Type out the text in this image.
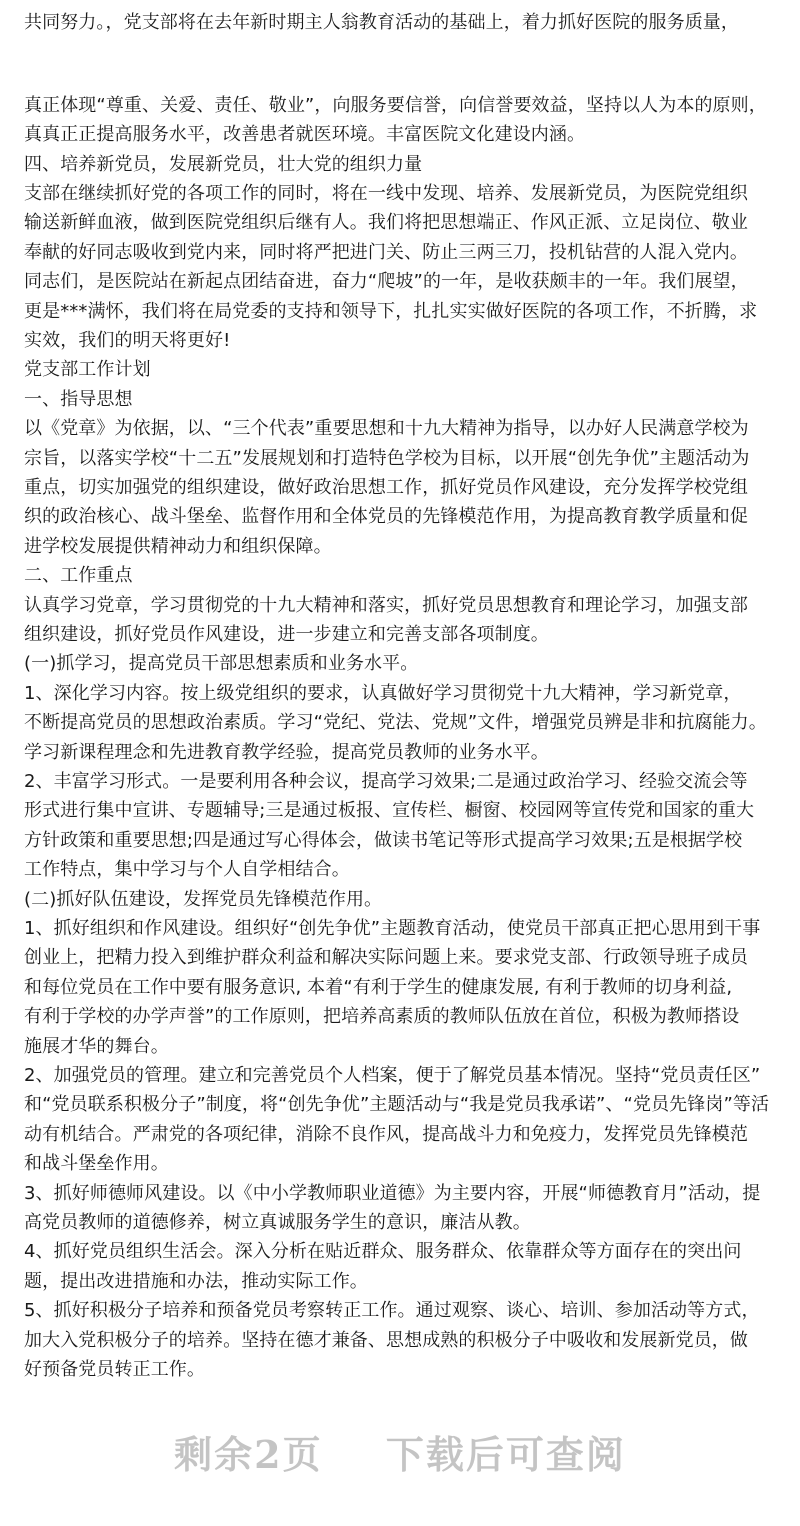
共同努力。，党支部将在去年新时期主人翁教育活动的基础上，着力抓好医院的服务质量，
真正体现“尊重、关爱、责任、敬业”，向服务要信誉，向信誉要效益，坚持以人为本的原则，
真真正正提高服务水平，改善患者就医环境。丰富医院文化建设内涵。
四、培养新党员，发展新党员，壮大党的组织力量
支部在继续抓好党的各项工作的同时，将在一线中发现、培养、发展新党员，为医院党组织
输送新鲜血液，做到医院党组织后继有人。我们将把思想端正、作风正派、立足岗位、敬业
奉献的好同志吸收到党内来，同时将严把进门关、防止三两三刀，投机钻营的人混入党内。
同志们，是医院站在新起点团结奋进，奋力“爬坡”的一年，是收获颇丰的一年。我们展望，
更是***满怀，我们将在局党委的支持和领导下，扎扎实实做好医院的各项工作，不折腾，求
实效，我们的明天将更好!
党支部工作计划
一、指导思想
以《党章》为依据，以、“三个代表”重要思想和十九大精神为指导，以办好人民满意学校为
宗旨，以落实学校“十二五”发展规划和打造特色学校为目标，以开展“创先争优”主题活动为
重点，切实加强党的组织建设，做好政治思想工作，抓好党员作风建设，充分发挥学校党组
织的政治核心、战斗堡垒、监督作用和全体党员的先锋模范作用，为提高教育教学质量和促
进学校发展提供精神动力和组织保障。
二、工作重点
认真学习党章，学习贯彻党的十九大精神和落实，抓好党员思想教育和理论学习，加强支部
组织建设，抓好党员作风建设，进一步建立和完善支部各项制度。
(一)抓学习，提高党员干部思想素质和业务水平。
1、深化学习内容。按上级党组织的要求，认真做好学习贯彻党十九大精神，学习新党章，
不断提高党员的思想政治素质。学习“党纪、党法、党规”文件，增强党员辨是非和抗腐能力。
学习新课程理念和先进教育教学经验，提高党员教师的业务水平。
2、丰富学习形式。一是要利用各种会议，提高学习效果;二是通过政治学习、经验交流会等
形式进行集中宣讲、专题辅导;三是通过板报、宣传栏、橱窗、校园网等宣传党和国家的重大
方针政策和重要思想;四是通过写心得体会，做读书笔记等形式提高学习效果;五是根据学校
工作特点，集中学习与个人自学相结合。
(二)抓好队伍建设，发挥党员先锋模范作用。
1、抓好组织和作风建设。组织好“创先争优”主题教育活动，使党员干部真正把心思用到干事
创业上，把精力投入到维护群众利益和解决实际问题上来。要求党支部、行政领导班子成员
和每位党员在工作中要有服务意识, 本着“有利于学生的健康发展, 有利于教师的切身利益,
有利于学校的办学声誉”的工作原则，把培养高素质的教师队伍放在首位，积极为教师搭设
施展才华的舞台。
2、加强党员的管理。建立和完善党员个人档案，便于了解党员基本情况。坚持“党员责任区”
和“党员联系积极分子”制度，将“创先争优”主题活动与“我是党员我承诺”、“党员先锋岗”等活
动有机结合。严肃党的各项纪律，消除不良作风，提高战斗力和免疫力，发挥党员先锋模范
和战斗堡垒作用。
3、抓好师德师风建设。以《中小学教师职业道德》为主要内容，开展“师德教育月”活动，提
高党员教师的道德修养，树立真诚服务学生的意识，廉洁从教。
4、抓好党员组织生活会。深入分析在贴近群众、服务群众、依靠群众等方面存在的突出问
题，提出改进措施和办法，推动实际工作。
5、抓好积极分子培养和预备党员考察转正工作。通过观察、谈心、培训、参加活动等方式，
加大入党积极分子的培养。坚持在德才兼备、思想成熟的积极分子中吸收和发展新党员，做
好预备党员转正工作。
剩余2页 下载后可查阅
